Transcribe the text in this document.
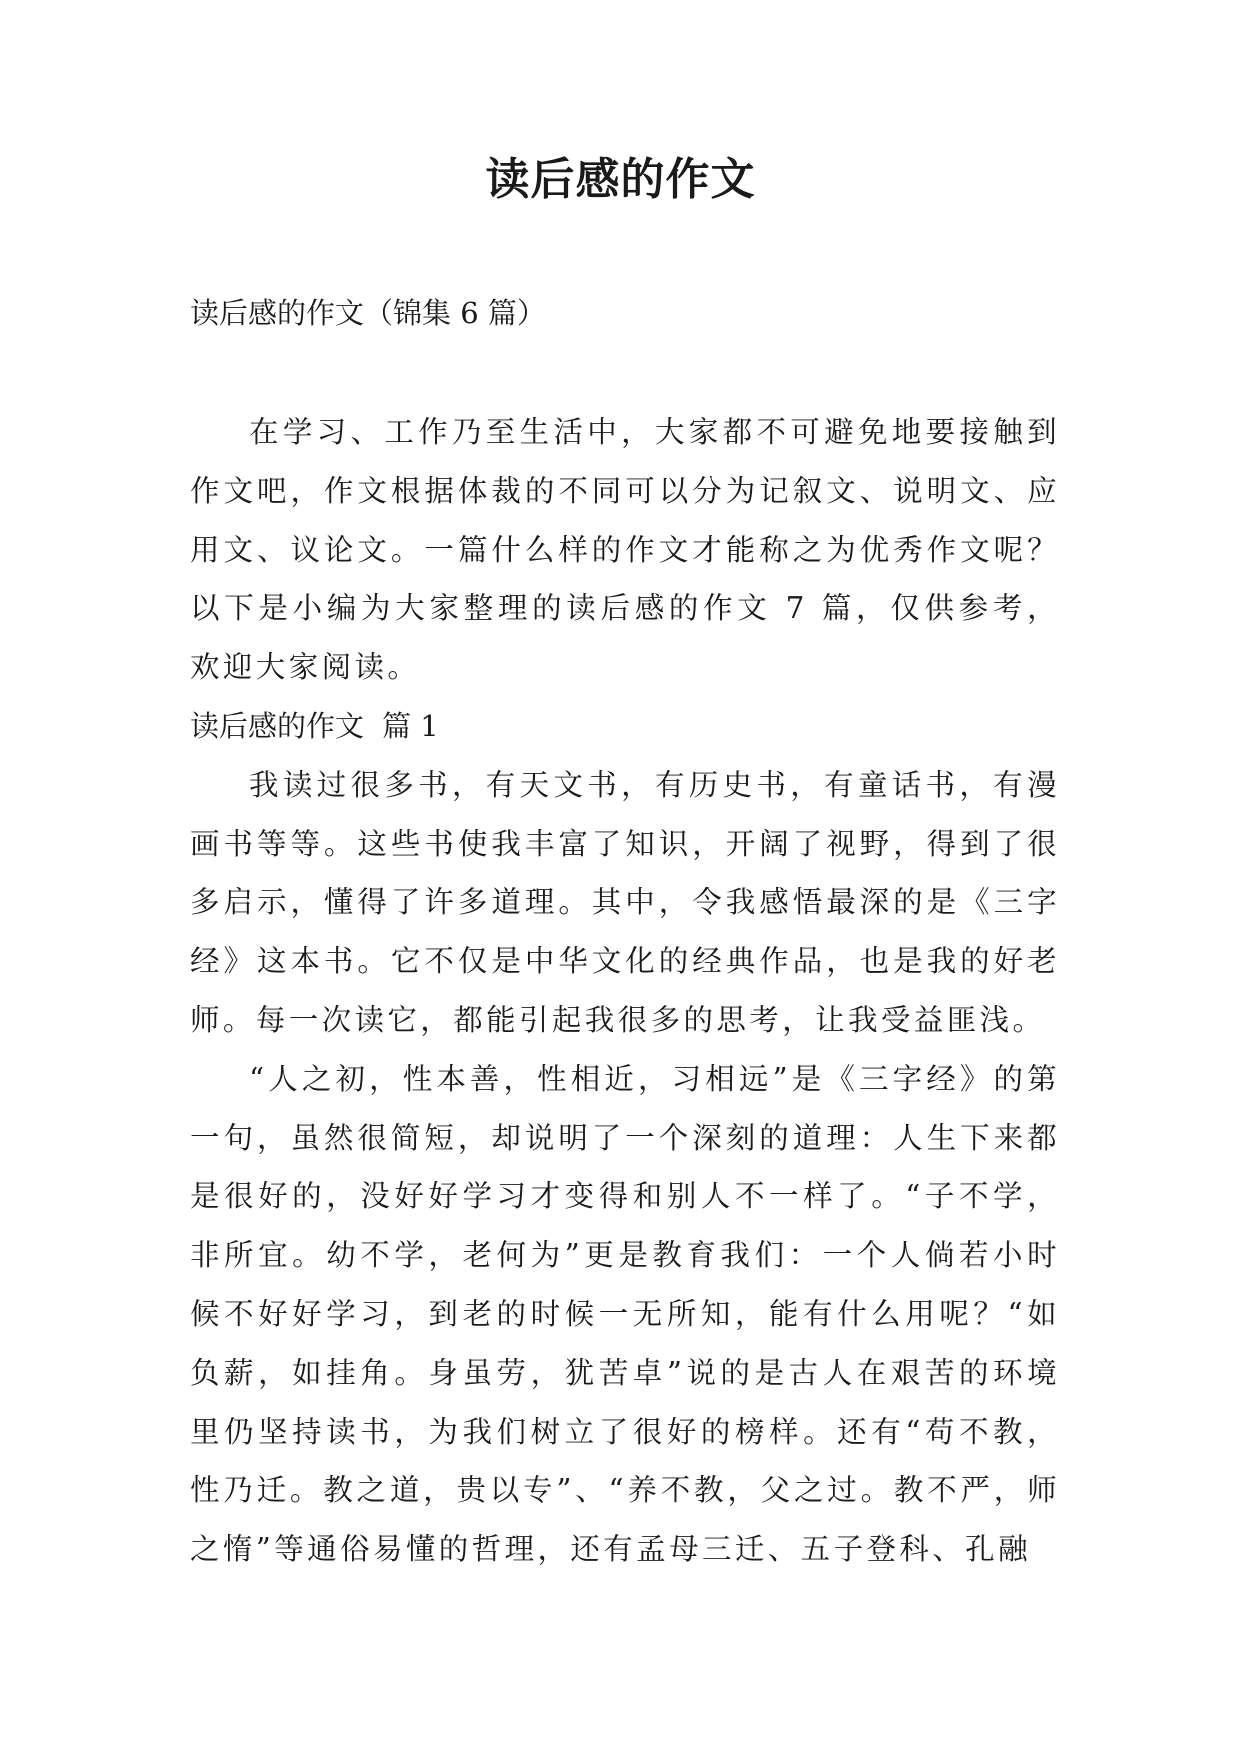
读后感的作文

读后感的作文（锦集 6 篇）

在学习、工作乃至生活中，大家都不可避免地要接触到作文吧，作文根据体裁的不同可以分为记叙文、说明文、应用文、议论文。一篇什么样的作文才能称之为优秀作文呢？以下是小编为大家整理的读后感的作文 7 篇，仅供参考，欢迎大家阅读。

读后感的作文 篇 1

我读过很多书，有天文书，有历史书，有童话书，有漫画书等等。这些书使我丰富了知识，开阔了视野，得到了很多启示，懂得了许多道理。其中，令我感悟最深的是《三字经》这本书。它不仅是中华文化的经典作品，也是我的好老师。每一次读它，都能引起我很多的思考，让我受益匪浅。

“人之初，性本善，性相近，习相远”是《三字经》的第一句，虽然很简短，却说明了一个深刻的道理：人生下来都是很好的，没好好学习才变得和别人不一样了。“子不学，非所宜。幼不学，老何为”更是教育我们：一个人倘若小时候不好好学习，到老的时候一无所知，能有什么用呢？“如负薪，如挂角。身虽劳，犹苦卓”说的是古人在艰苦的环境里仍坚持读书，为我们树立了很好的榜样。还有“苟不教，性乃迁。教之道，贵以专”、“养不教，父之过。教不严，师之惰”等通俗易懂的哲理，还有孟母三迁、五子登科、孔融
